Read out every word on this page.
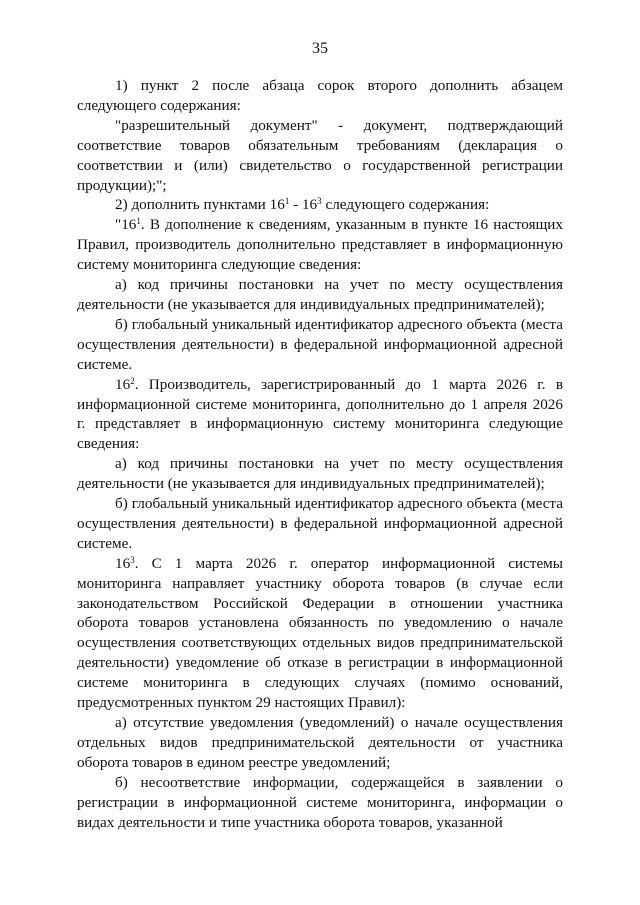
35

1) пункт 2 после абзаца сорок второго дополнить абзацем следующего содержания:

"разрешительный документ" - документ, подтверждающий соответствие товаров обязательным требованиям (декларация о соответствии и (или) свидетельство о государственной регистрации продукции);";

2) дополнить пунктами $16^1 - 16^3$ следующего содержания:

"$16^1$. В дополнение к сведениям, указанным в пункте 16 настоящих Правил, производитель дополнительно представляет в информационную систему мониторинга следующие сведения:

а) код причины постановки на учет по месту осуществления деятельности (не указывается для индивидуальных предпринимателей);

б) глобальный уникальный идентификатор адресного объекта (места осуществления деятельности) в федеральной информационной адресной системе.

$16^2$. Производитель, зарегистрированный до 1 марта 2026 г. в информационной системе мониторинга, дополнительно до 1 апреля 2026 г. представляет в информационную систему мониторинга следующие сведения:

а) код причины постановки на учет по месту осуществления деятельности (не указывается для индивидуальных предпринимателей);

б) глобальный уникальный идентификатор адресного объекта (места осуществления деятельности) в федеральной информационной адресной системе.

$16^3$. С 1 марта 2026 г. оператор информационной системы мониторинга направляет участнику оборота товаров (в случае если законодательством Российской Федерации в отношении участника оборота товаров установлена обязанность по уведомлению о начале осуществления соответствующих отдельных видов предпринимательской деятельности) уведомление об отказе в регистрации в информационной системе мониторинга в следующих случаях (помимо оснований, предусмотренных пунктом 29 настоящих Правил):

а) отсутствие уведомления (уведомлений) о начале осуществления отдельных видов предпринимательской деятельности от участника оборота товаров в едином реестре уведомлений;

б) несоответствие информации, содержащейся в заявлении о регистрации в информационной системе мониторинга, информации о видах деятельности и типе участника оборота товаров, указанной
